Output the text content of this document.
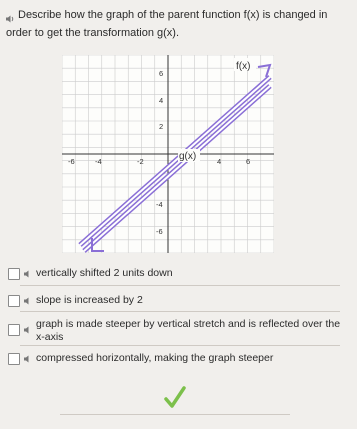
Describe how the graph of the parent function f(x) is changed in order to get the transformation g(x).
f(x)
g(x)
-6	-4	-2	4	6
6
4
2
-4
-6
vertically shifted 2 units down
slope is increased by 2
graph is made steeper by vertical stretch and is reflected over the
x-axis
compressed horizontally, making the graph steeper
